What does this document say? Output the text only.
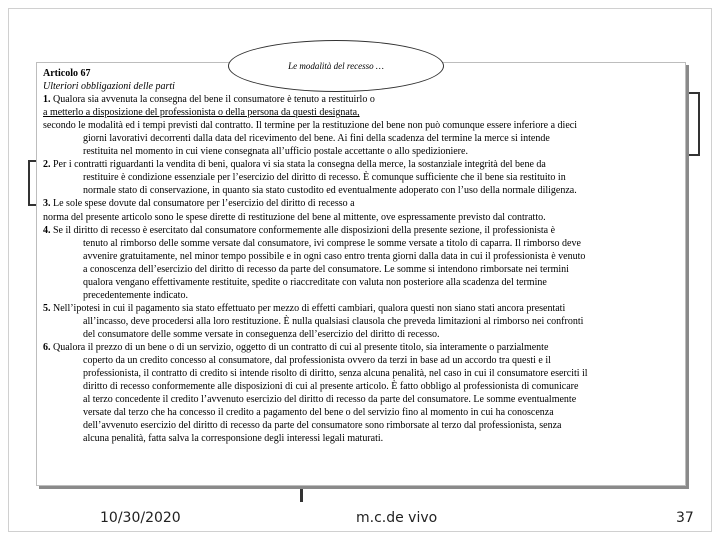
Articolo 67

Ulteriori obbligazioni delle parti

1. Qualora sia avvenuta la consegna del bene il consumatore è tenuto a restituirlo o

a metterlo a disposizione del professionista o della persona da questi designata,

secondo le modalità ed i tempi previsti dal contratto. Il termine per la restituzione del bene non può comunque essere inferiore a dieci

giorni lavorativi decorrenti dalla data del ricevimento del bene. Ai fini della scadenza del termine la merce si intende

restituita nel momento in cui viene consegnata all’ufficio postale accettante o allo spedizioniere.

2. Per i contratti riguardanti la vendita di beni, qualora vi sia stata la consegna della merce, la sostanziale integrità del bene da

restituire è condizione essenziale per l’esercizio del diritto di recesso. È comunque sufficiente che il bene sia restituito in

normale stato di conservazione, in quanto sia stato custodito ed eventualmente adoperato con l’uso della normale diligenza.

3. Le sole spese dovute dal consumatore per l’esercizio del diritto di recesso a

norma del presente articolo sono le spese dirette di restituzione del bene al mittente, ove espressamente previsto dal contratto.

4. Se il diritto di recesso è esercitato dal consumatore conformemente alle disposizioni della presente sezione, il professionista è

tenuto al rimborso delle somme versate dal consumatore, ivi comprese le somme versate a titolo di caparra. Il rimborso deve

avvenire gratuitamente, nel minor tempo possibile e in ogni caso entro trenta giorni dalla data in cui il professionista è venuto

a conoscenza dell’esercizio del diritto di recesso da parte del consumatore. Le somme si intendono rimborsate nei termini

qualora vengano effettivamente restituite, spedite o riaccreditate con valuta non posteriore alla scadenza del termine

precedentemente indicato.

5. Nell’ipotesi in cui il pagamento sia stato effettuato per mezzo di effetti cambiari, qualora questi non siano stati ancora presentati

all’incasso, deve procedersi alla loro restituzione. È nulla qualsiasi clausola che preveda limitazioni al rimborso nei confronti

del consumatore delle somme versate in conseguenza dell’esercizio del diritto di recesso.

6. Qualora il prezzo di un bene o di un servizio, oggetto di un contratto di cui al presente titolo, sia interamente o parzialmente

coperto da un credito concesso al consumatore, dal professionista ovvero da terzi in base ad un accordo tra questi e il

professionista, il contratto di credito si intende risolto di diritto, senza alcuna penalità, nel caso in cui il consumatore eserciti il

diritto di recesso conformemente alle disposizioni di cui al presente articolo. È fatto obbligo al professionista di comunicare

al terzo concedente il credito l’avvenuto esercizio del diritto di recesso da parte del consumatore. Le somme eventualmente

versate dal terzo che ha concesso il credito a pagamento del bene o del servizio fino al momento in cui ha conoscenza

dell’avvenuto esercizio del diritto di recesso da parte del consumatore sono rimborsate al terzo dal professionista, senza

alcuna penalità, fatta salva la corresponsione degli interessi legali maturati.

Le modalità del recesso …
10/30/2020	m.c.de vivo	37
